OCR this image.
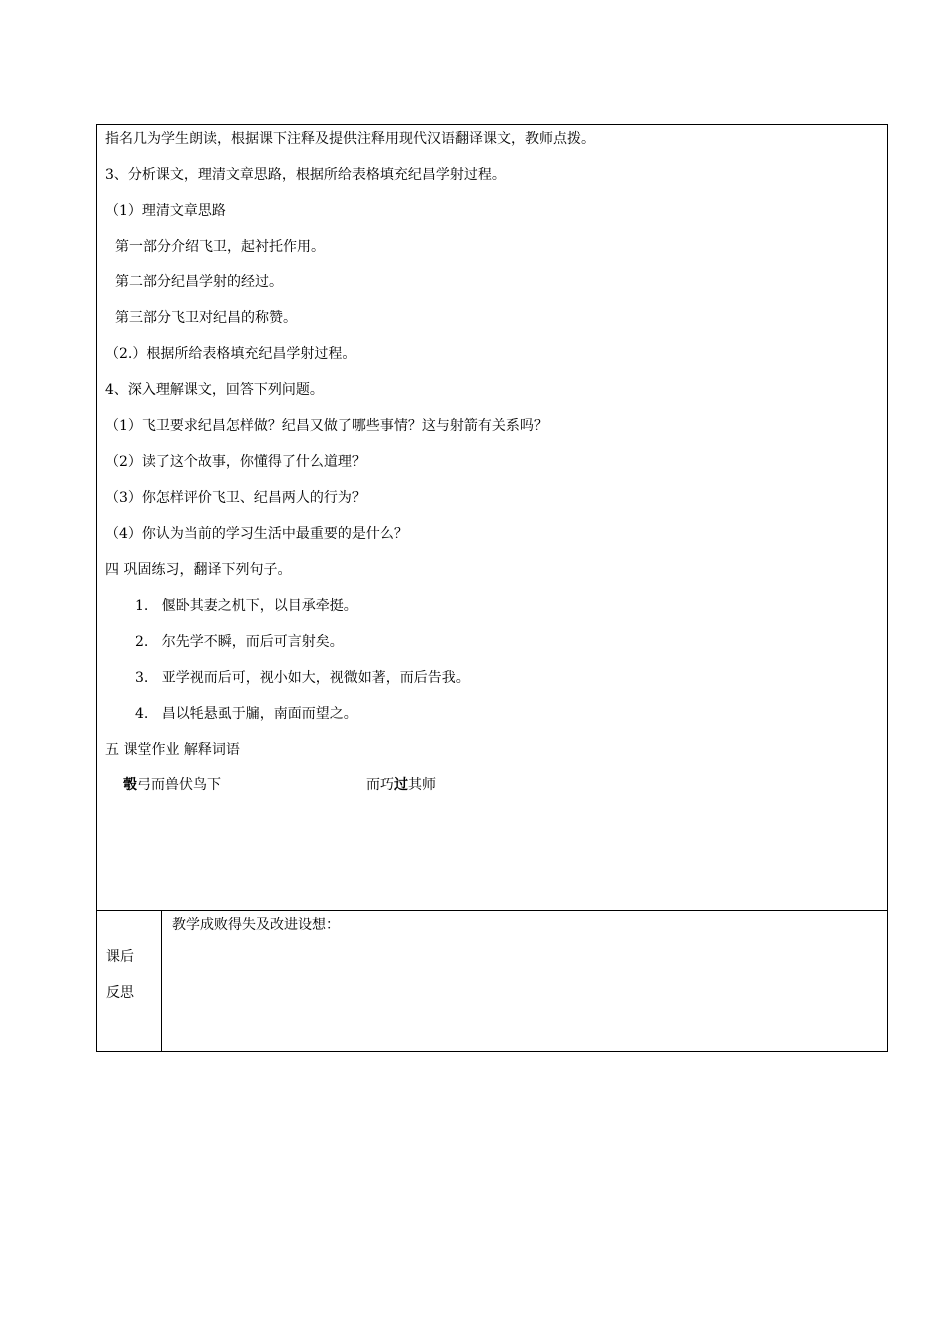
指名几为学生朗读，根据课下注释及提供注释用现代汉语翻译课文，教师点拨。
3、分析课文，理清文章思路，根据所给表格填充纪昌学射过程。
（1）理清文章思路
第一部分介绍飞卫，起衬托作用。
第二部分纪昌学射的经过。
第三部分飞卫对纪昌的称赞。
（2.）根据所给表格填充纪昌学射过程。
4、深入理解课文，回答下列问题。
（1）飞卫要求纪昌怎样做？纪昌又做了哪些事情？这与射箭有关系吗？
（2）读了这个故事，你懂得了什么道理？
（3）你怎样评价飞卫、纪昌两人的行为？
（4）你认为当前的学习生活中最重要的是什么？
四 巩固练习，翻译下列句子。
1. 偃卧其妻之机下，以目承牵挺。
2. 尔先学不瞬，而后可言射矣。
3. 亚学视而后可，视小如大，视微如著，而后告我。
4. 昌以牦悬虱于牖，南面而望之。
五 课堂作业 解释词语
彀弓而兽伏鸟下	而巧过其师
课后
反思
教学成败得失及改进设想：
